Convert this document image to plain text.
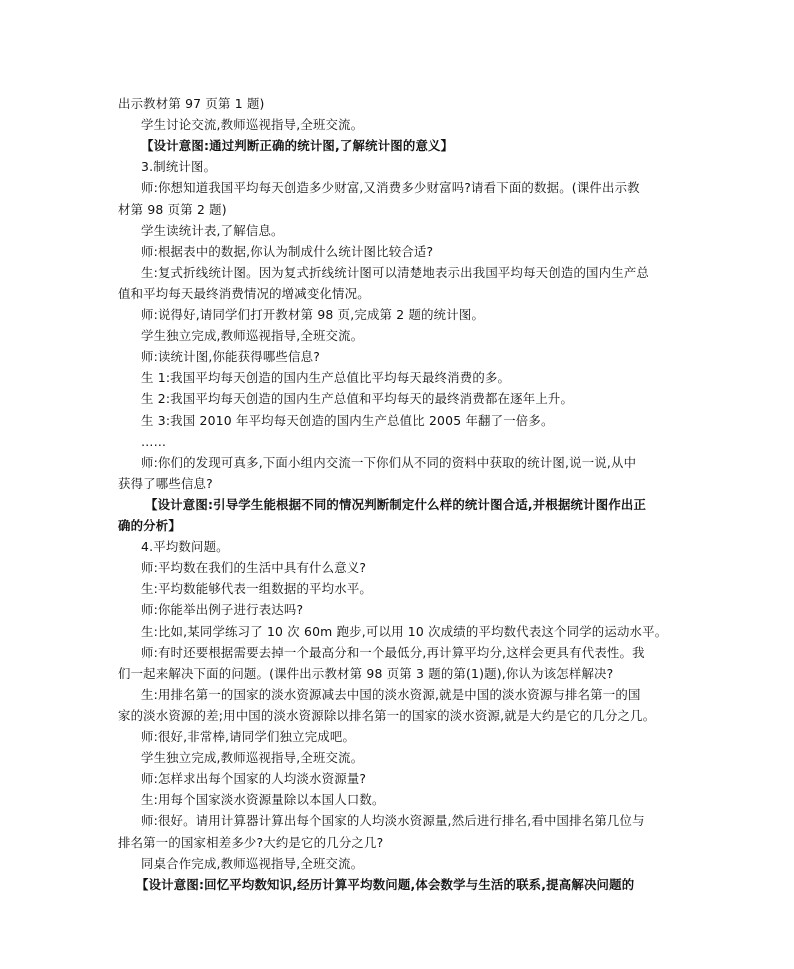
出示教材第 97 页第 1 题)
学生讨论交流,教师巡视指导,全班交流。
【设计意图:通过判断正确的统计图,了解统计图的意义】
3.制统计图。
师:你想知道我国平均每天创造多少财富,又消费多少财富吗?请看下面的数据。(课件出示教
材第 98 页第 2 题)
学生读统计表,了解信息。
师:根据表中的数据,你认为制成什么统计图比较合适?
生:复式折线统计图。因为复式折线统计图可以清楚地表示出我国平均每天创造的国内生产总
值和平均每天最终消费情况的增减变化情况。
师:说得好,请同学们打开教材第 98 页,完成第 2 题的统计图。
学生独立完成,教师巡视指导,全班交流。
师:读统计图,你能获得哪些信息?
生 1:我国平均每天创造的国内生产总值比平均每天最终消费的多。
生 2:我国平均每天创造的国内生产总值和平均每天的最终消费都在逐年上升。
生 3:我国 2010 年平均每天创造的国内生产总值比 2005 年翻了一倍多。
……
师:你们的发现可真多,下面小组内交流一下你们从不同的资料中获取的统计图,说一说,从中
获得了哪些信息?
【设计意图:引导学生能根据不同的情况判断制定什么样的统计图合适,并根据统计图作出正
确的分析】
4.平均数问题。
师:平均数在我们的生活中具有什么意义?
生:平均数能够代表一组数据的平均水平。
师:你能举出例子进行表达吗?
生:比如,某同学练习了 10 次 60m 跑步,可以用 10 次成绩的平均数代表这个同学的运动水平。
师:有时还要根据需要去掉一个最高分和一个最低分,再计算平均分,这样会更具有代表性。我
们一起来解决下面的问题。(课件出示教材第 98 页第 3 题的第(1)题),你认为该怎样解决?
生:用排名第一的国家的淡水资源减去中国的淡水资源,就是中国的淡水资源与排名第一的国
家的淡水资源的差;用中国的淡水资源除以排名第一的国家的淡水资源,就是大约是它的几分之几。
师:很好,非常棒,请同学们独立完成吧。
学生独立完成,教师巡视指导,全班交流。
师:怎样求出每个国家的人均淡水资源量?
生:用每个国家淡水资源量除以本国人口数。
师:很好。请用计算器计算出每个国家的人均淡水资源量,然后进行排名,看中国排名第几位与
排名第一的国家相差多少?大约是它的几分之几?
同桌合作完成,教师巡视指导,全班交流。
【设计意图:回忆平均数知识,经历计算平均数问题,体会数学与生活的联系,提高解决问题的
